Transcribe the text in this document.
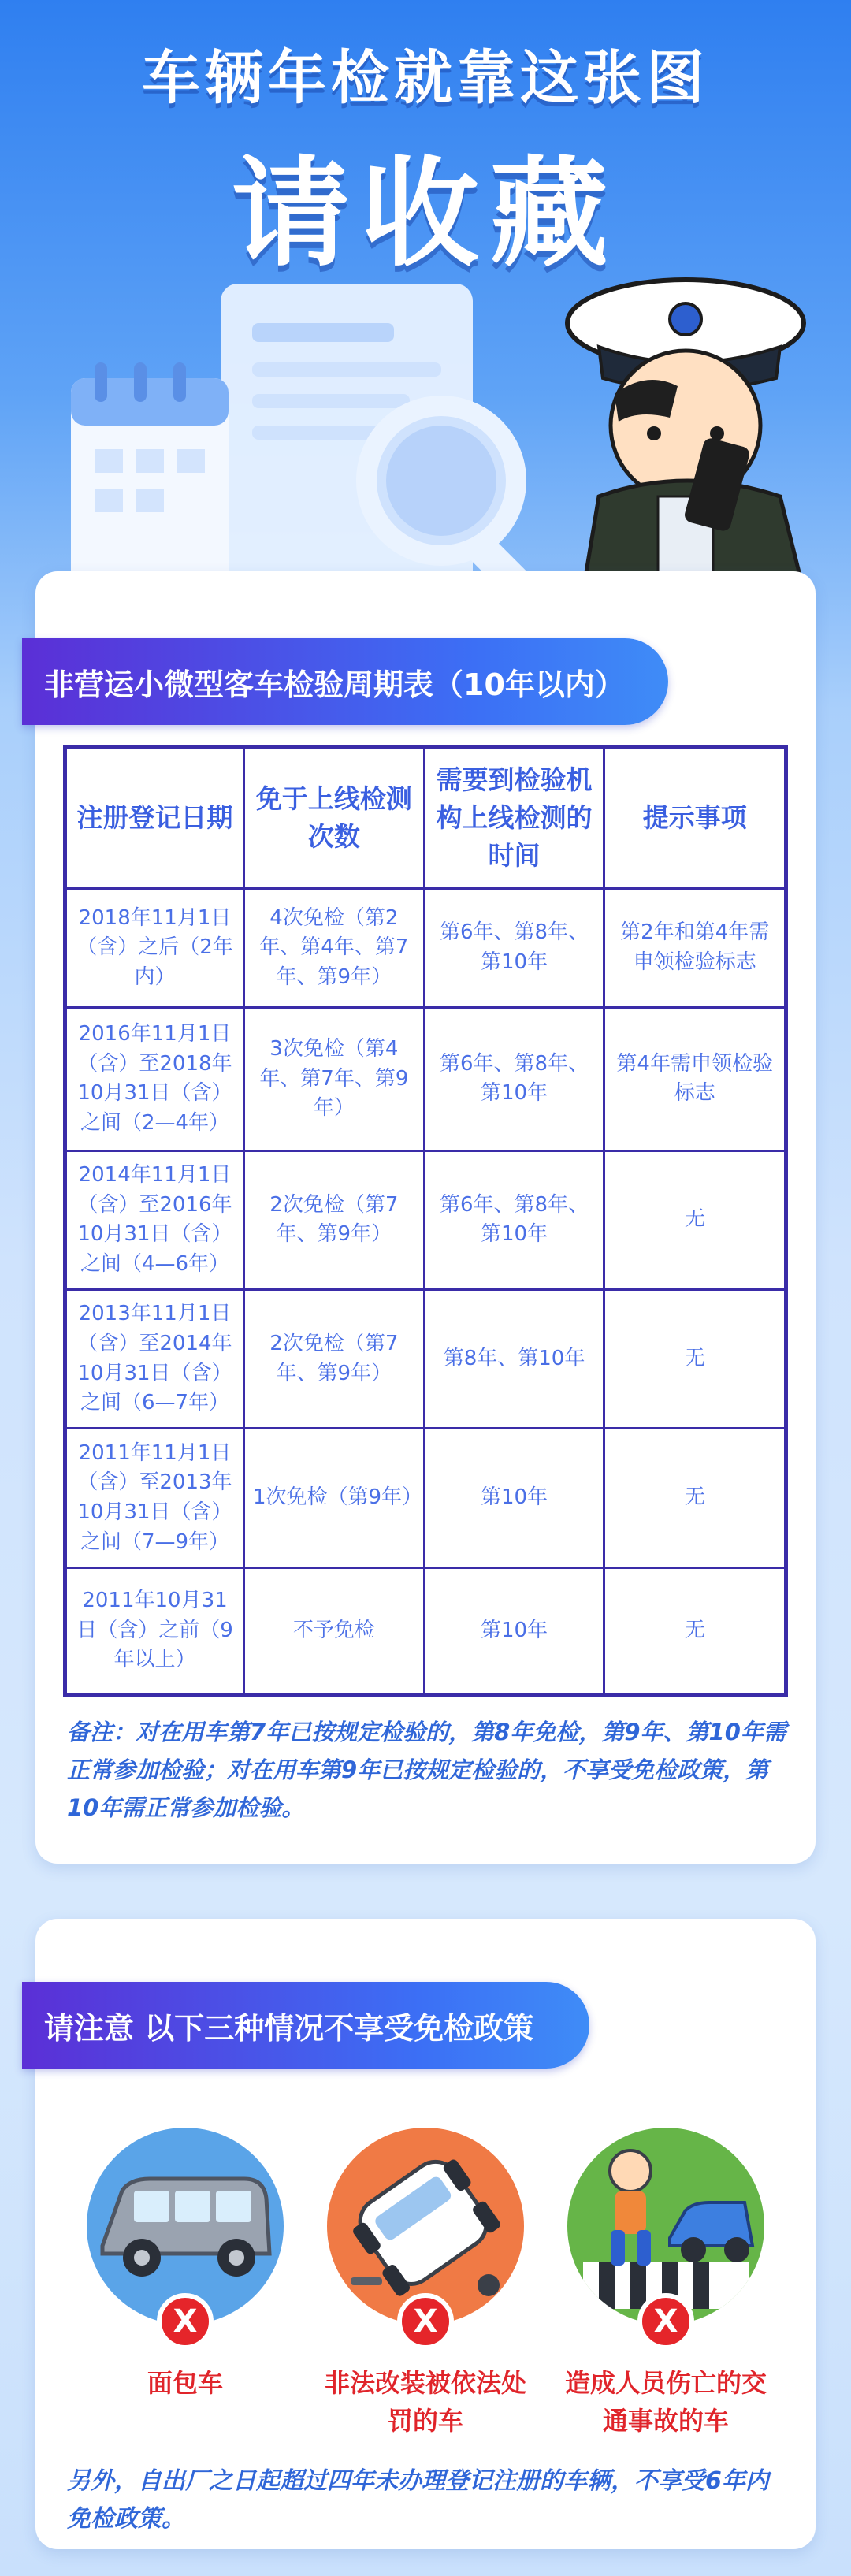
车辆年检就靠这张图
请收藏
非营运小微型客车检验周期表（10年以内）
注册登记日期	免于上线检测次数	需要到检验机构上线检测的时间	提示事项
2018年11月1日（含）之后（2年内）	4次免检（第2年、第4年、第7年、第9年）	第6年、第8年、第10年	第2年和第4年需申领检验标志
2016年11月1日（含）至2018年10月31日（含）之间（2—4年）	3次免检（第4年、第7年、第9年）	第6年、第8年、第10年	第4年需申领检验标志
2014年11月1日（含）至2016年10月31日（含）之间（4—6年）	2次免检（第7年、第9年）	第6年、第8年、第10年	无
2013年11月1日（含）至2014年10月31日（含）之间（6—7年）	2次免检（第7年、第9年）	第8年、第10年	无
2011年11月1日（含）至2013年10月31日（含）之间（7—9年）	1次免检（第9年）	第10年	无
2011年10月31日（含）之前（9年以上）	不予免检	第10年	无
备注：对在用车第7年已按规定检验的，第8年免检，第9年、第10年需正常参加检验；对在用车第9年已按规定检验的，不享受免检政策，第10年需正常参加检验。
请注意 以下三种情况不享受免检政策
X
面包车
X
非法改装被依法处罚的车
X
造成人员伤亡的交通事故的车
另外，自出厂之日起超过四年未办理登记注册的车辆，不享受6年内免检政策。
